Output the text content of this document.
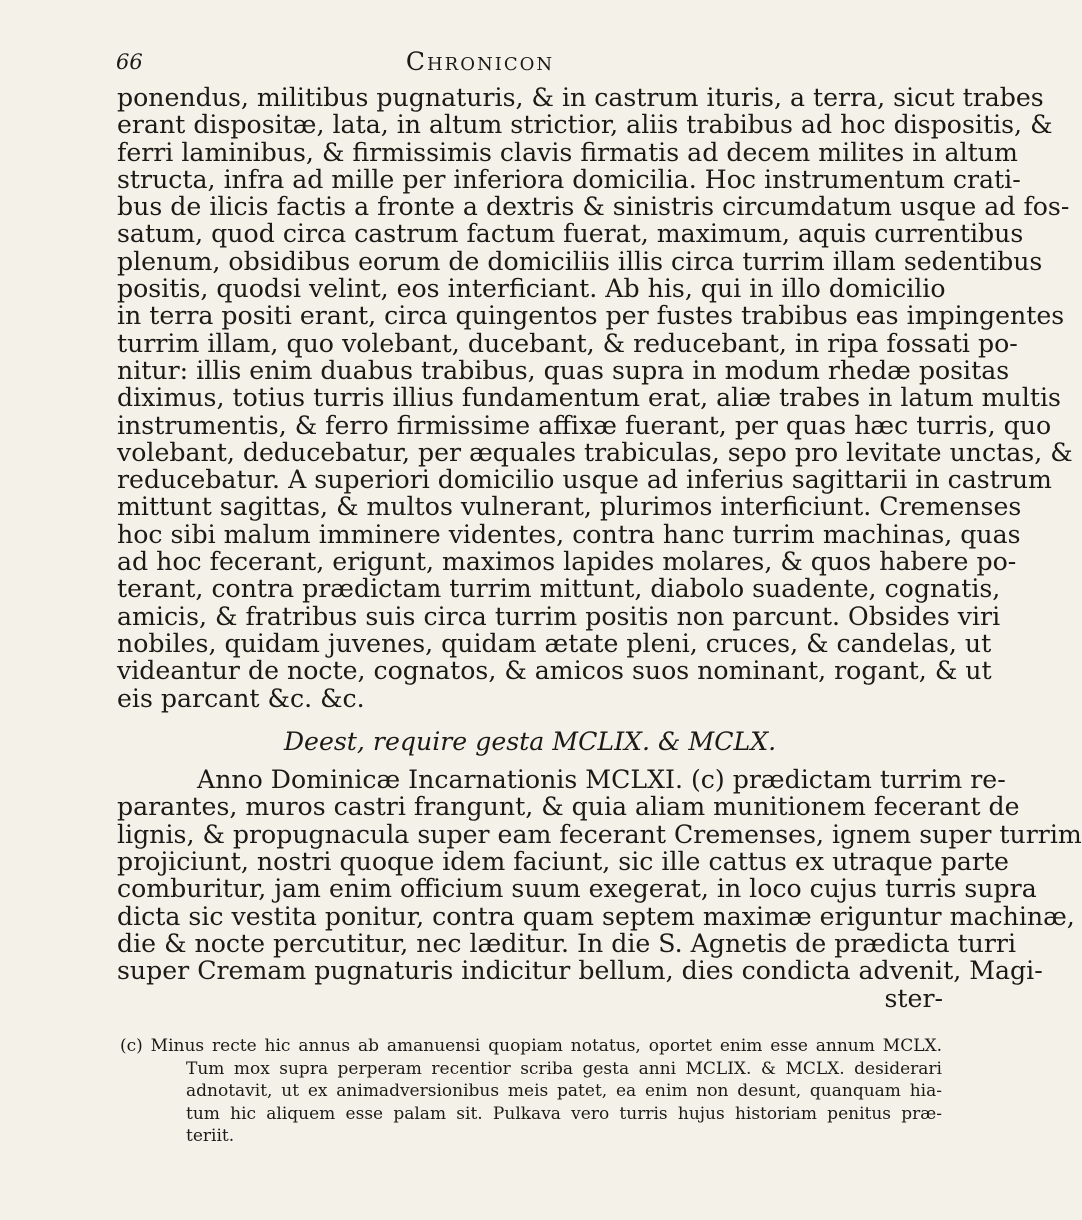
66	Chronicon
ponendus, militibus pugnaturis, & in castrum ituris, a terra, sicut trabes
erant dispositæ, lata, in altum strictior, aliis trabibus ad hoc dispositis, &
ferri laminibus, & firmissimis clavis firmatis ad decem milites in altum
structa, infra ad mille per inferiora domicilia. Hoc instrumentum crati-
bus de ilicis factis a fronte a dextris & sinistris circumdatum usque ad fos-
satum, quod circa castrum factum fuerat, maximum, aquis currentibus
plenum, obsidibus eorum de domiciliis illis circa turrim illam sedentibus
positis, quodsi velint, eos interficiant. Ab his, qui in illo domicilio
in terra positi erant, circa quingentos per fustes trabibus eas impingentes
turrim illam, quo volebant, ducebant, & reducebant, in ripa fossati po-
nitur: illis enim duabus trabibus, quas supra in modum rhedæ positas
diximus, totius turris illius fundamentum erat, aliæ trabes in latum multis
instrumentis, & ferro firmissime affixæ fuerant, per quas hæc turris, quo
volebant, deducebatur, per æquales trabiculas, sepo pro levitate unctas, &
reducebatur. A superiori domicilio usque ad inferius sagittarii in castrum
mittunt sagittas, & multos vulnerant, plurimos interficiunt. Cremenses
hoc sibi malum imminere videntes, contra hanc turrim machinas, quas
ad hoc fecerant, erigunt, maximos lapides molares, & quos habere po-
terant, contra prædictam turrim mittunt, diabolo suadente, cognatis,
amicis, & fratribus suis circa turrim positis non parcunt. Obsides viri
nobiles, quidam juvenes, quidam ætate pleni, cruces, & candelas, ut
videantur de nocte, cognatos, & amicos suos nominant, rogant, & ut
eis parcant &c. &c.
Deest, require gesta MCLIX. & MCLX.
Anno Dominicæ Incarnationis MCLXI. (c) prædictam turrim re-
parantes, muros castri frangunt, & quia aliam munitionem fecerant de
lignis, & propugnacula super eam fecerant Cremenses, ignem super turrim
projiciunt, nostri quoque idem faciunt, sic ille cattus ex utraque parte
comburitur, jam enim officium suum exegerat, in loco cujus turris supra
dicta sic vestita ponitur, contra quam septem maximæ eriguntur machinæ,
die & nocte percutitur, nec læditur. In die S. Agnetis de prædicta turri
super Cremam pugnaturis indicitur bellum, dies condicta advenit, Magi-
ster-
(c) Minus recte hic annus ab amanuensi quopiam notatus, oportet enim esse annum MCLX.
Tum mox supra perperam recentior scriba gesta anni MCLIX. & MCLX. desiderari
adnotavit, ut ex animadversionibus meis patet, ea enim non desunt, quanquam hia-
tum hic aliquem esse palam sit. Pulkava vero turris hujus historiam penitus præ-
teriit.
